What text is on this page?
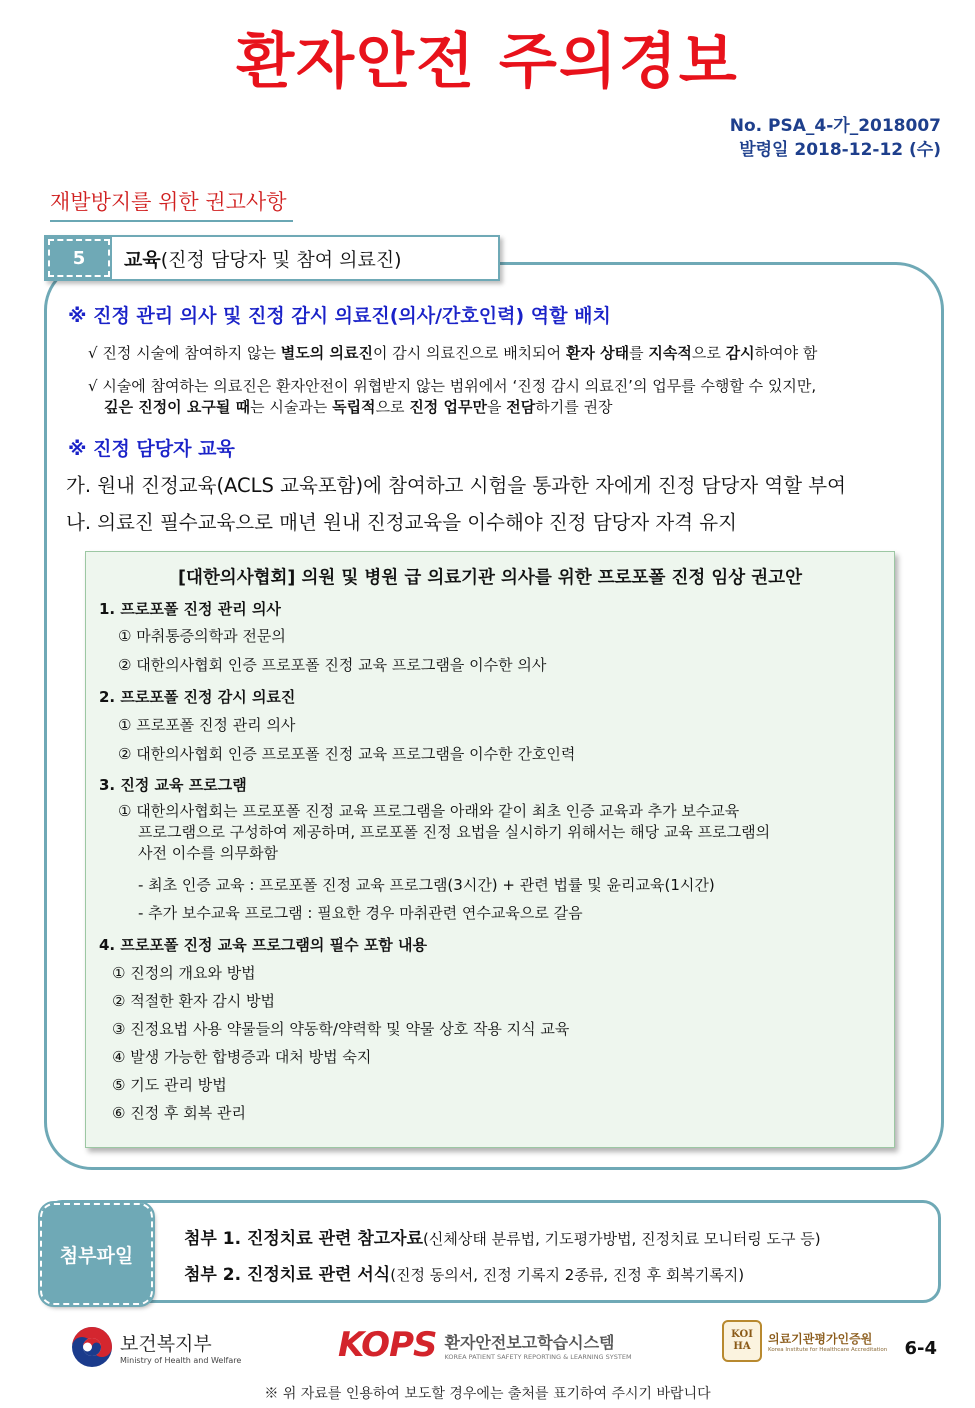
환자안전 주의경보
No. PSA_4-가_2018007
발령일 2018-12-12 (수)
재발방지를 위한 권고사항
5	교육(진정 담당자 및 참여 의료진)
※ 진정 관리 의사 및 진정 감시 의료진(의사/간호인력) 역할 배치
√ 진정 시술에 참여하지 않는 별도의 의료진이 감시 의료진으로 배치되어 환자 상태를 지속적으로 감시하여야 함
√ 시술에 참여하는 의료진은 환자안전이 위협받지 않는 범위에서 ‘진정 감시 의료진’의 업무를 수행할 수 있지만,
깊은 진정이 요구될 때는 시술과는 독립적으로 진정 업무만을 전담하기를 권장
※ 진정 담당자 교육
가. 원내 진정교육(ACLS 교육포함)에 참여하고 시험을 통과한 자에게 진정 담당자 역할 부여
나. 의료진 필수교육으로 매년 원내 진정교육을 이수해야 진정 담당자 자격 유지
[대한의사협회] 의원 및 병원 급 의료기관 의사를 위한 프로포폴 진정 임상 권고안
1. 프로포폴 진정 관리 의사
① 마취통증의학과 전문의
② 대한의사협회 인증 프로포폴 진정 교육 프로그램을 이수한 의사
2. 프로포폴 진정 감시 의료진
① 프로포폴 진정 관리 의사
② 대한의사협회 인증 프로포폴 진정 교육 프로그램을 이수한 간호인력
3. 진정 교육 프로그램
① 대한의사협회는 프로포폴 진정 교육 프로그램을 아래와 같이 최초 인증 교육과 추가 보수교육
프로그램으로 구성하여 제공하며, 프로포폴 진정 요법을 실시하기 위해서는 해당 교육 프로그램의
사전 이수를 의무화함
- 최초 인증 교육 : 프로포폴 진정 교육 프로그램(3시간) + 관련 법률 및 윤리교육(1시간)
- 추가 보수교육 프로그램 : 필요한 경우 마취관련 연수교육으로 갈음
4. 프로포폴 진정 교육 프로그램의 필수 포함 내용
① 진정의 개요와 방법
② 적절한 환자 감시 방법
③ 진정요법 사용 약물들의 약동학/약력학 및 약물 상호 작용 지식 교육
④ 발생 가능한 합병증과 대처 방법 숙지
⑤ 기도 관리 방법
⑥ 진정 후 회복 관리
첨부파일
첨부 1. 진정치료 관련 참고자료(신체상태 분류법, 기도평가방법, 진정치료 모니터링 도구 등)
첨부 2. 진정치료 관련 서식(진정 동의서, 진정 기록지 2종류, 진정 후 회복기록지)
보건복지부
Ministry of Health and Welfare	KOPS 환자안전보고학습시스템
KOREA PATIENT SAFETY REPORTING & LEARNING SYSTEM
KOI
HA
의료기관평가인증원
Korea Institute for Healthcare Accreditation 6-4
※ 위 자료를 인용하여 보도할 경우에는 출처를 표기하여 주시기 바랍니다
